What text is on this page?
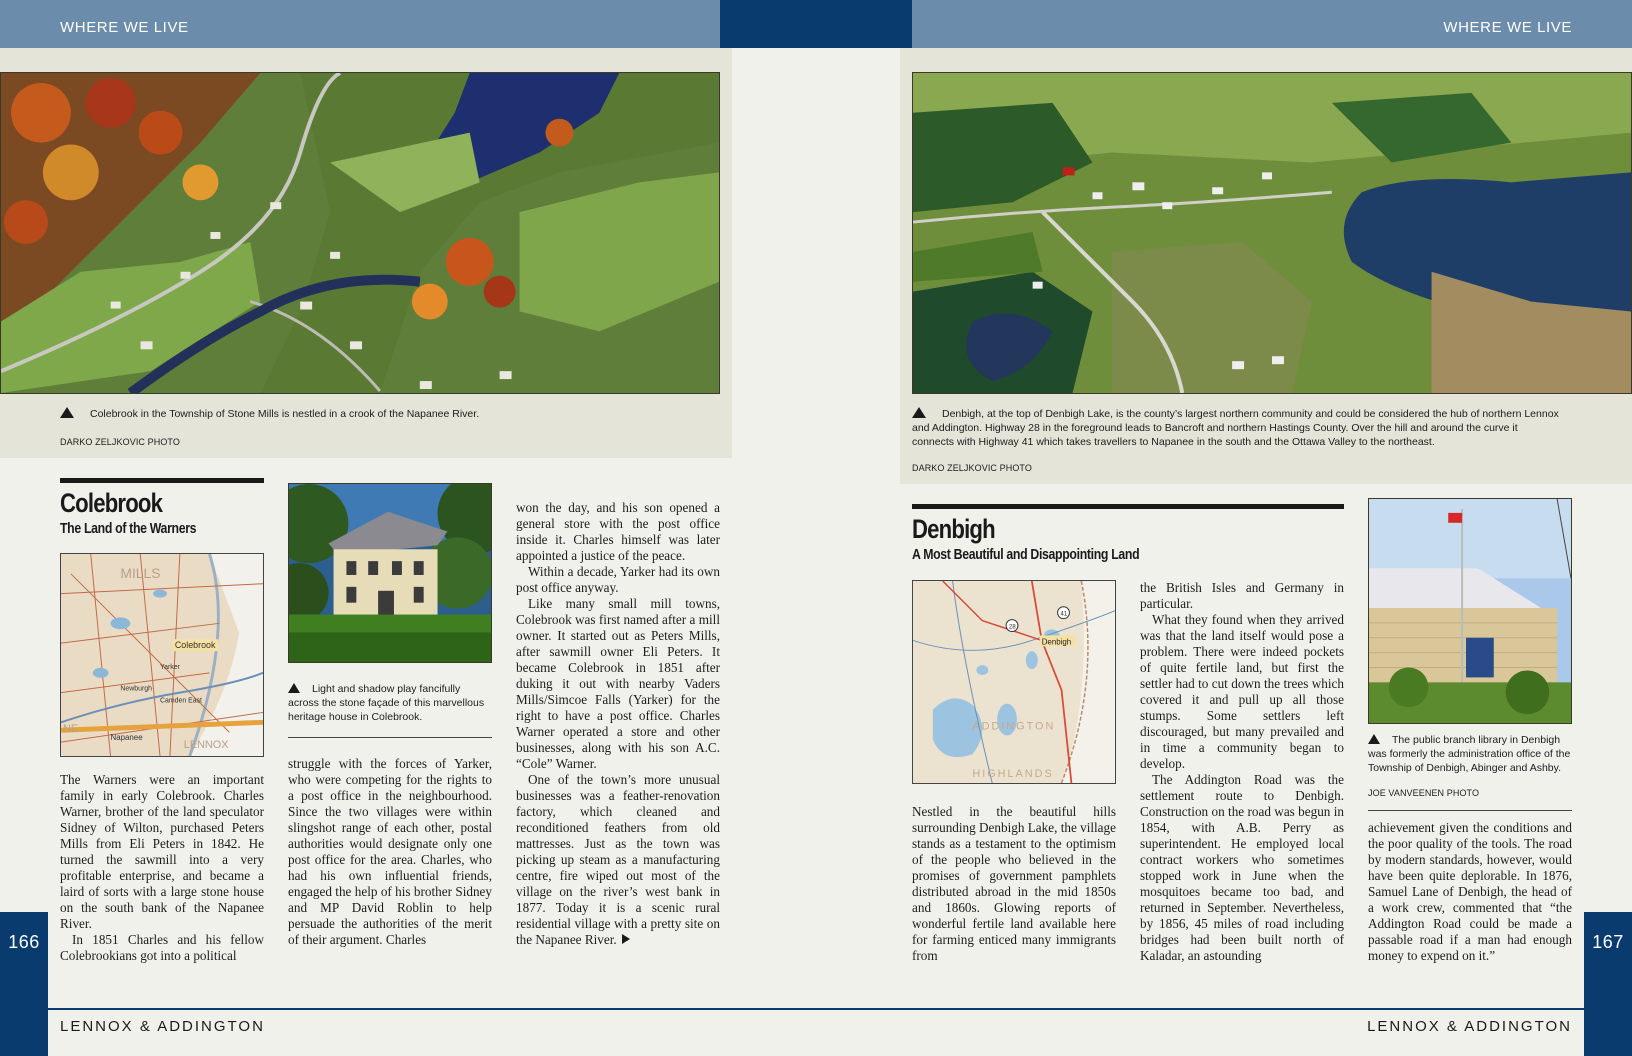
WHERE WE LIVE	WHERE WE LIVE
Colebrook in the Township of Stone Mills is nestled in a crook of the Napanee River.
DARKO ZELJKOVIC PHOTO
Colebrook
The Land of the Warners
MILLS
Colebrook
Napanee
Newburgh
Camden East
Yarker
LENNOX
NE

The Warners were an important family in early Colebrook. Charles Warner, brother of the land speculator Sidney of Wilton, purchased Peters Mills from Eli Peters in 1842. He turned the sawmill into a very profitable enterprise, and became a laird of sorts with a large stone house on the south bank of the Napanee River.

In 1851 Charles and his fellow Colebrookians got into a political

Light and shadow play fancifully across the stone façade of this marvellous heritage house in Colebrook.

struggle with the forces of Yarker, who were competing for the rights to a post office in the neighbourhood. Since the two villages were within slingshot range of each other, postal authorities would designate only one post office for the area. Charles, who had his own influential friends, engaged the help of his brother Sidney and MP David Roblin to help persuade the authorities of the merit of their argument. Charles

won the day, and his son opened a general store with the post office inside it. Charles himself was later appointed a justice of the peace.

Within a decade, Yarker had its own post office anyway.

Like many small mill towns, Colebrook was first named after a mill owner. It started out as Peters Mills, after sawmill owner Eli Peters. It became Colebrook in 1851 after duking it out with nearby Vaders Mills/Simcoe Falls (Yarker) for the right to have a post office. Charles Warner operated a store and other businesses, along with his son A.C. “Cole” Warner.

One of the town’s more unusual businesses was a feather-renovation factory, which cleaned and reconditioned feathers from old mattresses. Just as the town was picking up steam as a manufacturing centre, fire wiped out most of the village on the river’s west bank in 1877. Today it is a scenic rural residential village with a pretty site on the Napanee River.

166
LENNOX & ADDINGTON
Denbigh, at the top of Denbigh Lake, is the county’s largest northern community and could be considered the hub of northern Lennox and Addington. Highway 28 in the foreground leads to Bancroft and northern Hastings County. Over the hill and around the curve it connects with Highway 41 which takes travellers to Napanee in the south and the Ottawa Valley to the northeast.
DARKO ZELJKOVIC PHOTO
Denbigh
A Most Beautiful and Disappointing Land
Denbigh
ADDINGTON
HIGHLANDS
41
28

Nestled in the beautiful hills surrounding Denbigh Lake, the village stands as a testament to the optimism of the people who believed in the promises of government pamphlets distributed abroad in the mid 1850s and 1860s. Glowing reports of wonderful fertile land available here for farming enticed many immigrants from

the British Isles and Germany in particular.

What they found when they arrived was that the land itself would pose a problem. There were indeed pockets of quite fertile land, but first the settler had to cut down the trees which covered it and pull up all those stumps. Some settlers left discouraged, but many prevailed and in time a community began to develop.

The Addington Road was the settlement route to Denbigh. Construction on the road was begun in 1854, with A.B. Perry as superintendent. He employed local contract workers who sometimes stopped work in June when the mosquitoes became too bad, and returned in September. Nevertheless, by 1856, 45 miles of road including bridges had been built north of Kaladar, an astounding

The public branch library in Denbigh was formerly the administration office of the Township of Denbigh, Abinger and Ashby.
JOE VANVEENEN PHOTO

achievement given the conditions and the poor quality of the tools. The road by modern standards, however, would have been quite deplorable. In 1876, Samuel Lane of Denbigh, the head of a work crew, commented that “the Addington Road could be made a passable road if a man had enough money to expend on it.”

167
LENNOX & ADDINGTON
